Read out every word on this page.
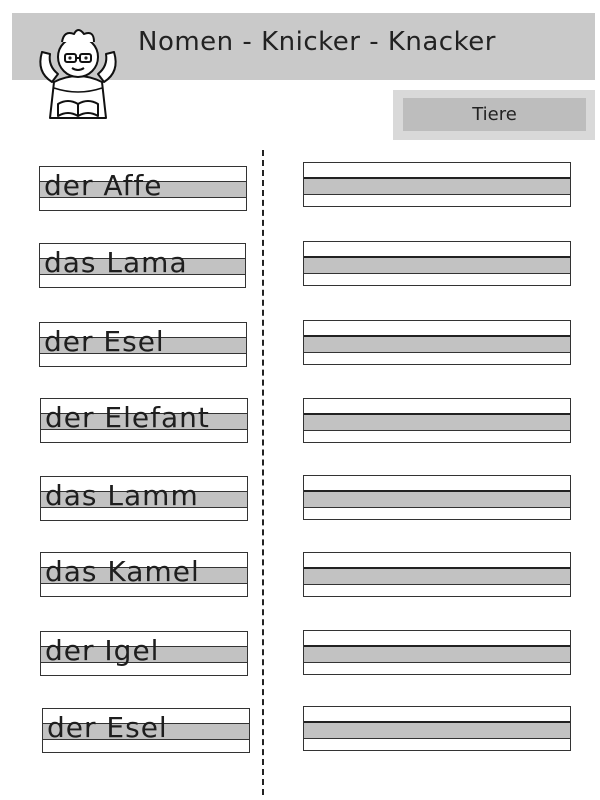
Nomen - Knicker - Knacker
Tiere
der Affe
das Lama
der Esel
der Elefant
das Lamm
das Kamel
der Igel
der Esel
